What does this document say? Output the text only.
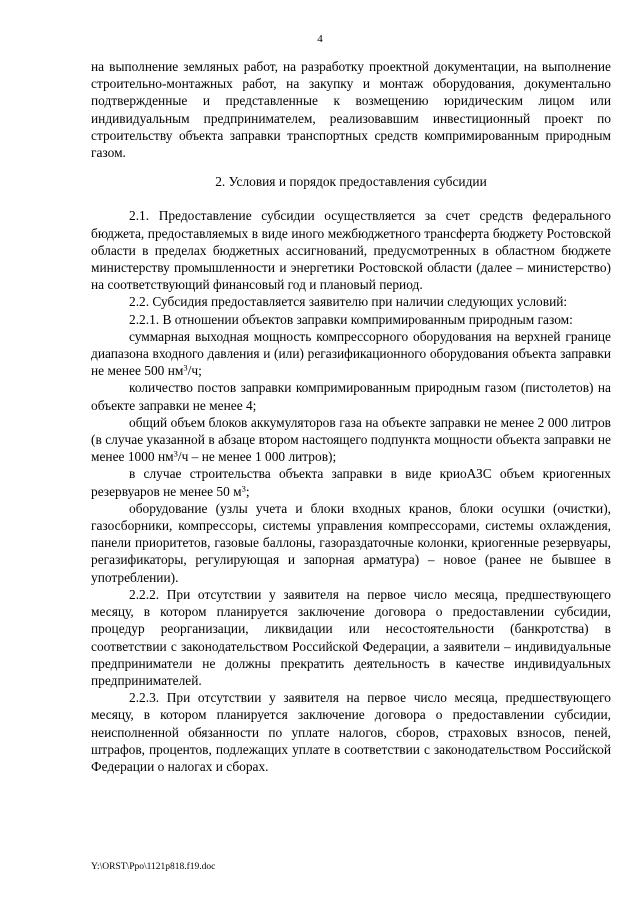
4

на выполнение земляных работ, на разработку проектной документации, на выполнение строительно-монтажных работ, на закупку и монтаж оборудования, документально подтвержденные и представленные к возмещению юридическим лицом или индивидуальным предпринимателем, реализовавшим инвестиционный проект по строительству объекта заправки транспортных средств компримированным природным газом.

2. Условия и порядок предоставления субсидии

2.1. Предоставление субсидии осуществляется за счет средств федерального бюджета, предоставляемых в виде иного межбюджетного трансферта бюджету Ростовской области в пределах бюджетных ассигнований, предусмотренных в областном бюджете министерству промышленности и энергетики Ростовской области (далее – министерство) на соответствующий финансовый год и плановый период.

2.2. Субсидия предоставляется заявителю при наличии следующих условий:

2.2.1. В отношении объектов заправки компримированным природным газом:

суммарная выходная мощность компрессорного оборудования на верхней границе диапазона входного давления и (или) регазификационного оборудования объекта заправки не менее 500 $нм^3/ч$;

количество постов заправки компримированным природным газом (пистолетов) на объекте заправки не менее 4;

общий объем блоков аккумуляторов газа на объекте заправки не менее 2 000 литров (в случае указанной в абзаце втором настоящего подпункта мощности объекта заправки не менее 1000 $нм^3/ч$ – не менее 1 000 литров);

в случае строительства объекта заправки в виде криоАЗС объем криогенных резервуаров не менее 50 $м^3$;

оборудование (узлы учета и блоки входных кранов, блоки осушки (очистки), газосборники, компрессоры, системы управления компрессорами, системы охлаждения, панели приоритетов, газовые баллоны, газораздаточные колонки, криогенные резервуары, регазификаторы, регулирующая и запорная арматура) – новое (ранее не бывшее в употреблении).

2.2.2. При отсутствии у заявителя на первое число месяца, предшествующего месяцу, в котором планируется заключение договора о предоставлении субсидии, процедур реорганизации, ликвидации или несостоятельности (банкротства) в соответствии с законодательством Российской Федерации, а заявители – индивидуальные предприниматели не должны прекратить деятельность в качестве индивидуальных предпринимателей.

2.2.3. При отсутствии у заявителя на первое число месяца, предшествующего месяцу, в котором планируется заключение договора о предоставлении субсидии, неисполненной обязанности по уплате налогов, сборов, страховых взносов, пеней, штрафов, процентов, подлежащих уплате в соответствии с законодательством Российской Федерации о налогах и сборах.

Y:\ORST\Ppo\1121p818.f19.doc
